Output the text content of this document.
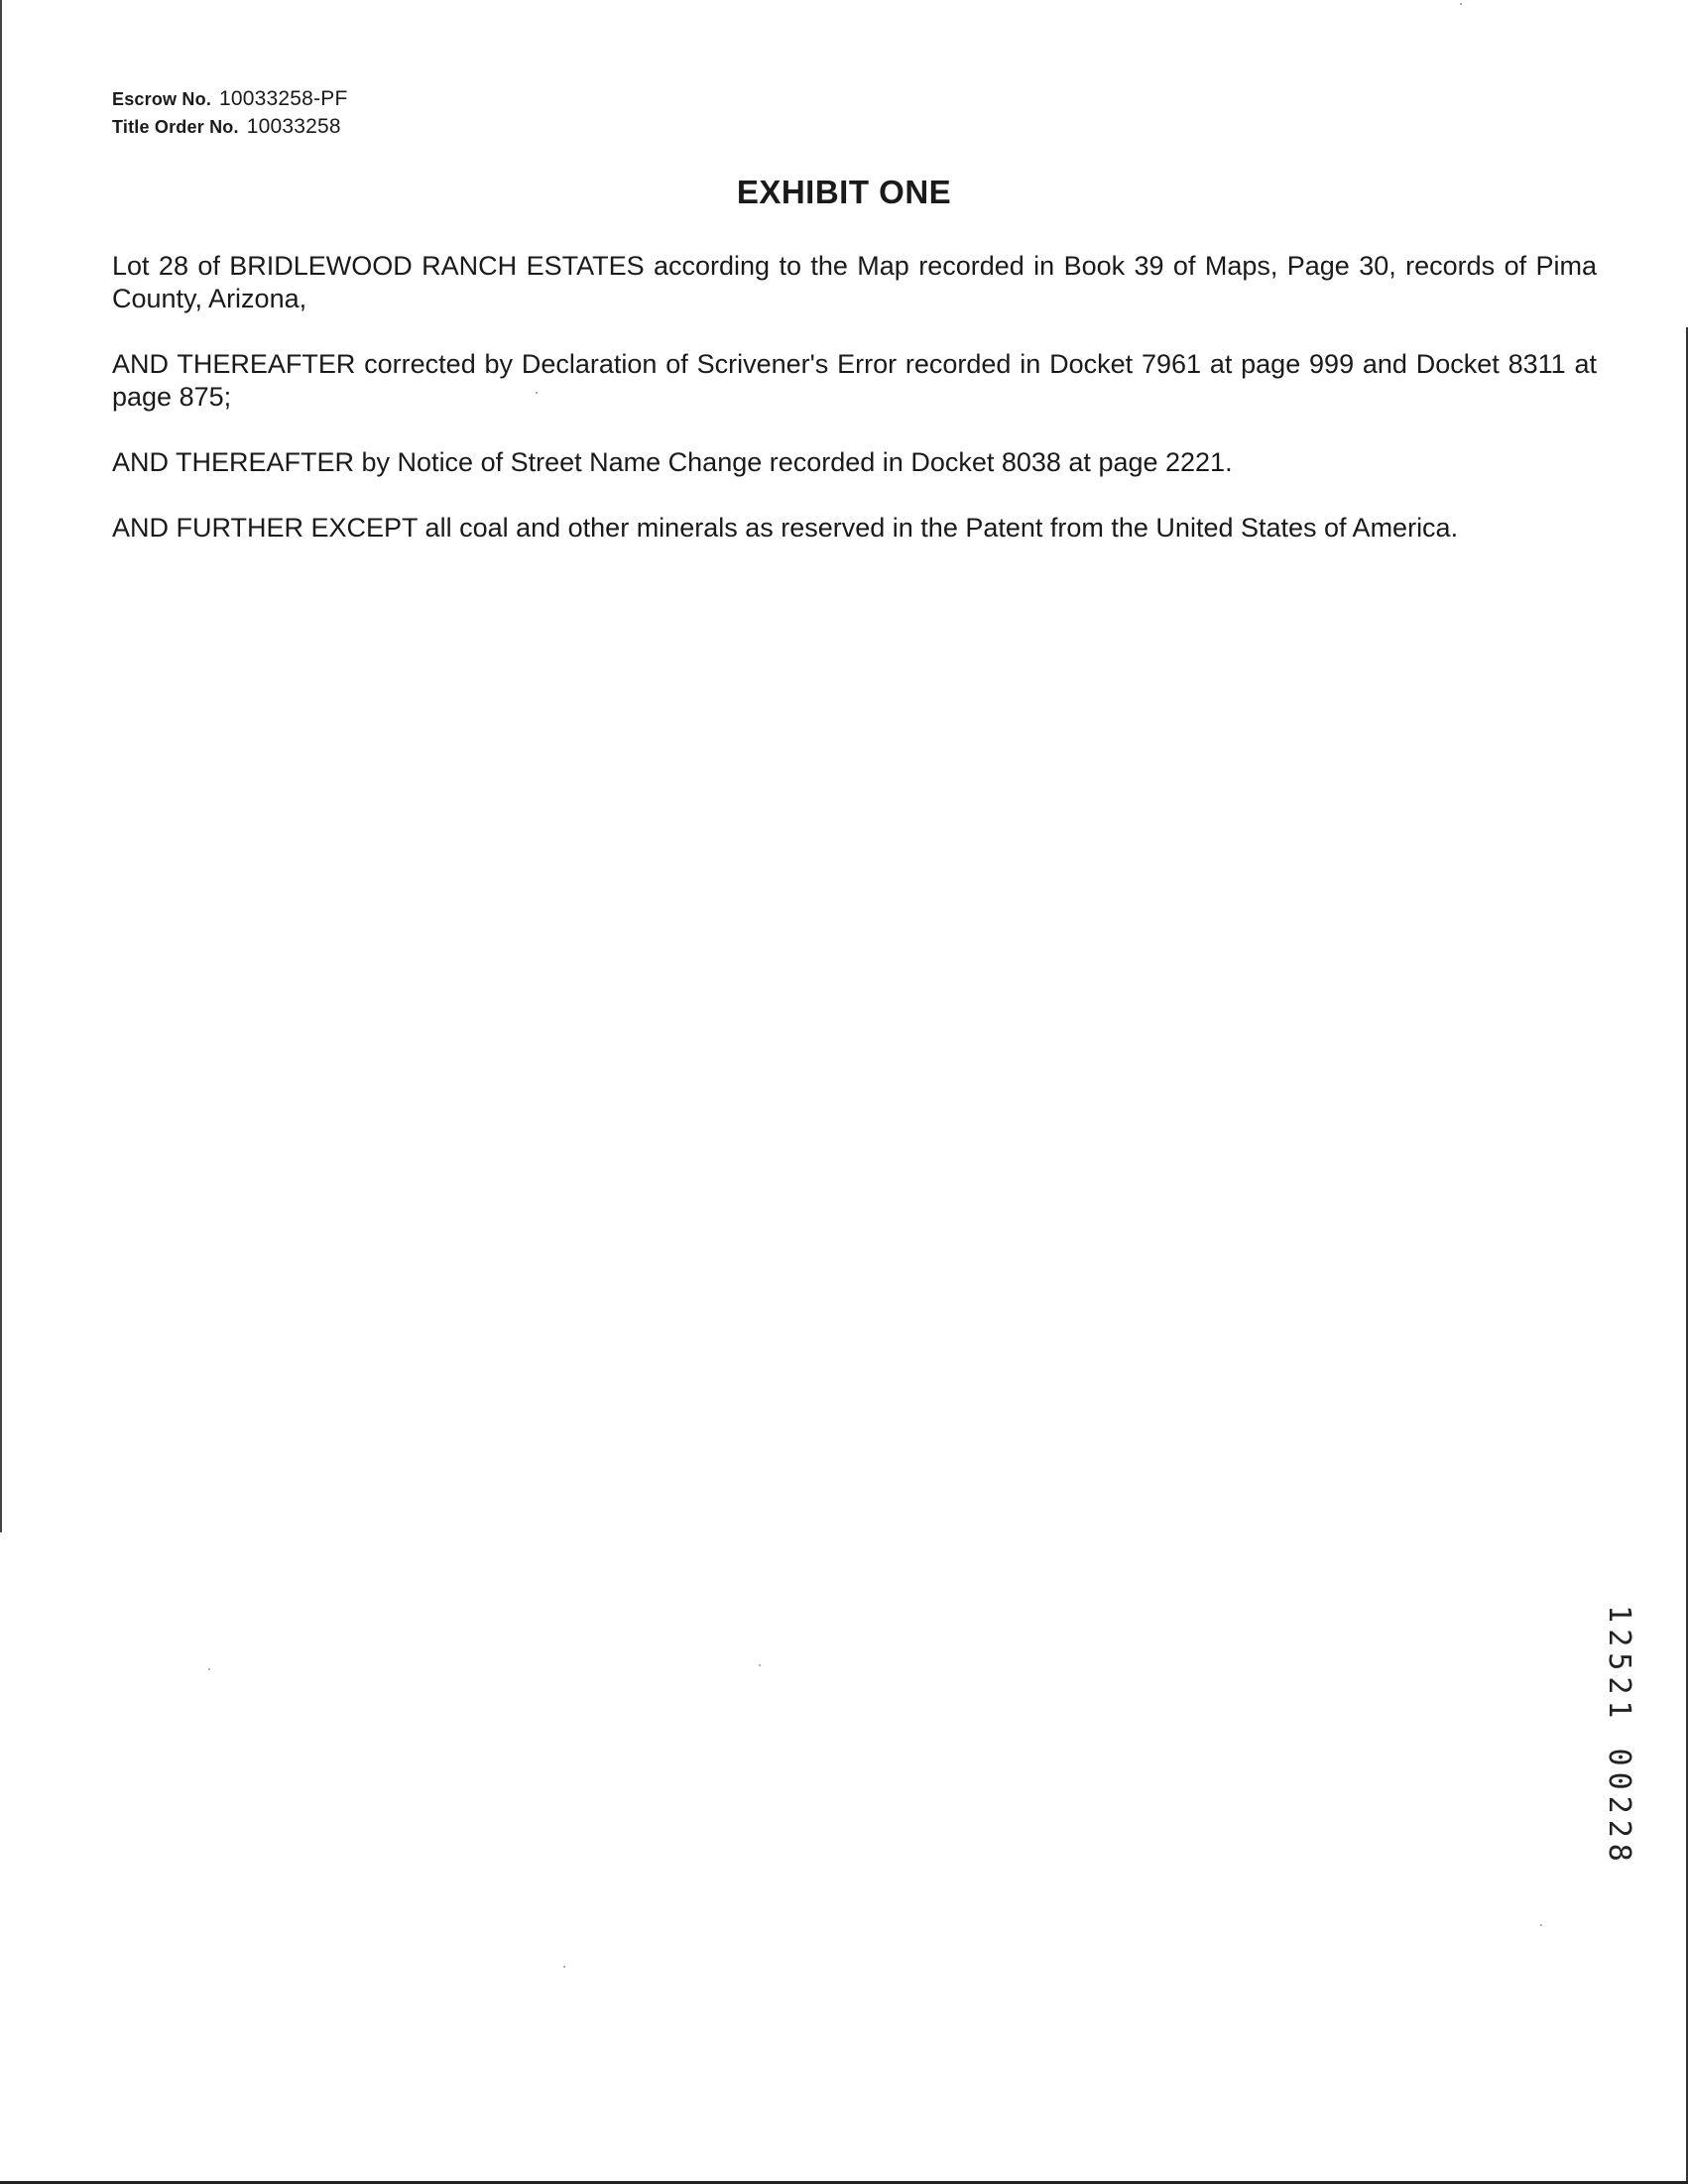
Escrow No. 10033258-PF
Title Order No. 10033258
EXHIBIT ONE

Lot 28 of BRIDLEWOOD RANCH ESTATES according to the Map recorded in Book 39 of Maps, Page 30, records of Pima County, Arizona,

AND THEREAFTER corrected by Declaration of Scrivener's Error recorded in Docket 7961 at page 999 and Docket 8311 at page 875;

AND THEREAFTER by Notice of Street Name Change recorded in Docket 8038 at page 2221.

AND FURTHER EXCEPT all coal and other minerals as reserved in the Patent from the United States of America.

12521 00228
